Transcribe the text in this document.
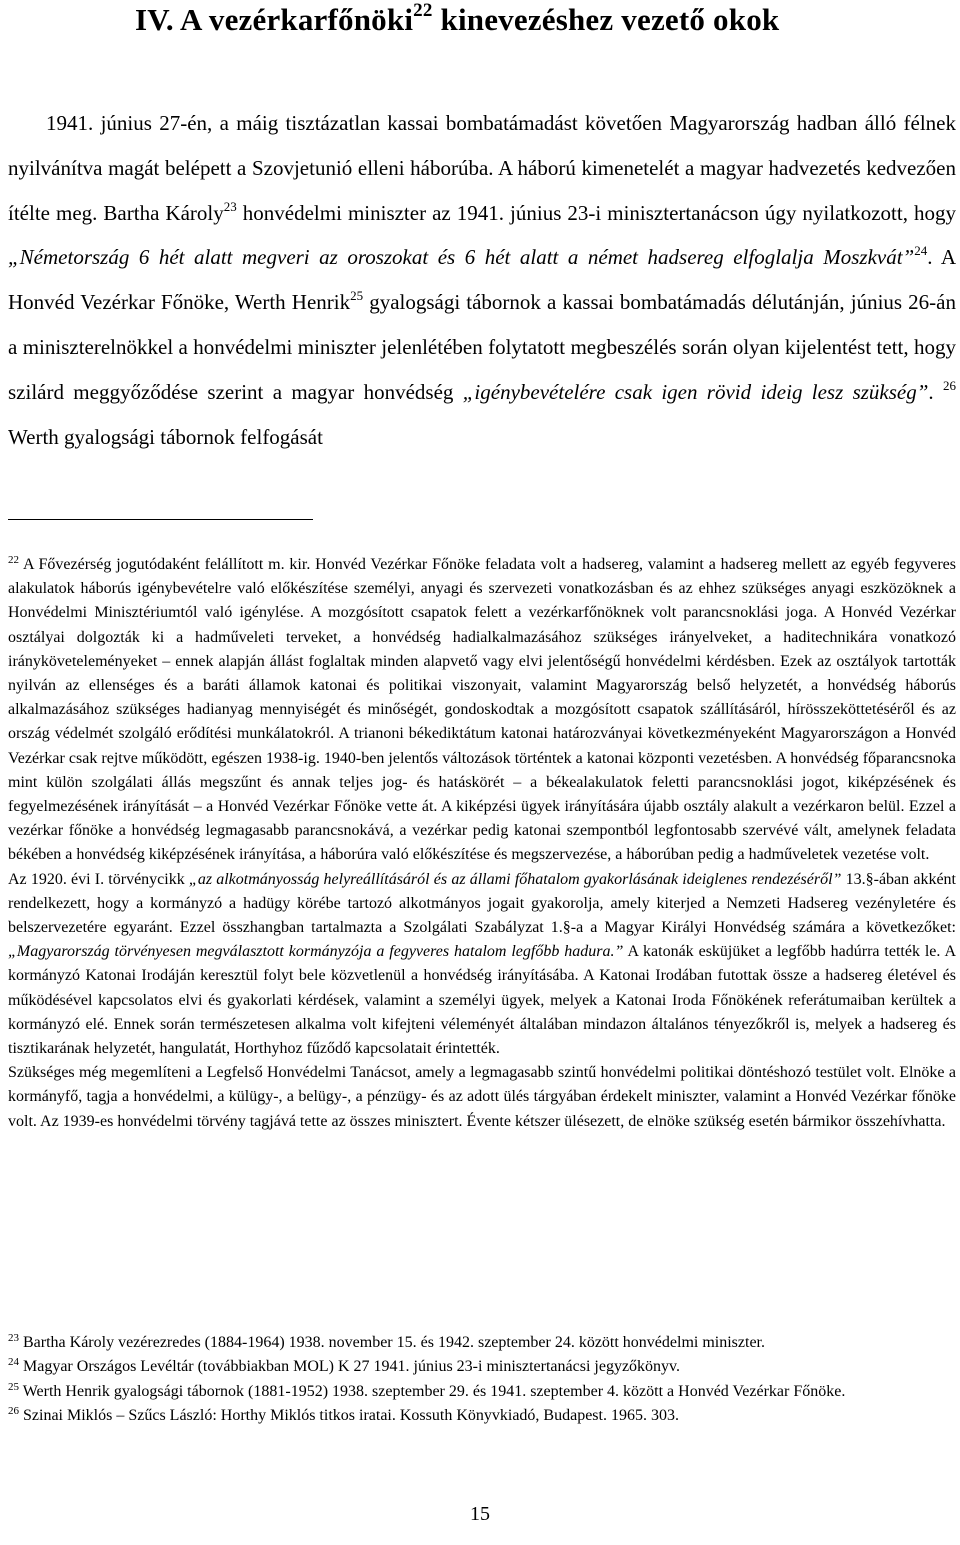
IV. A vezérkarfőnöki$^{22}$ kinevezéshez vezető okok

1941. június 27-én, a máig tisztázatlan kassai bombatámadást követően Magyarország hadban álló félnek nyilvánítva magát belépett a Szovjetunió elleni háborúba. A háború kimenetelét a magyar hadvezetés kedvezően ítélte meg. Bartha Károly$^{23}$ honvédelmi miniszter az 1941. június 23-i minisztertanácson úgy nyilatkozott, hogy „Németország 6 hét alatt megveri az oroszokat és 6 hét alatt a német hadsereg elfoglalja Moszkvát”$^{24}$. A Honvéd Vezérkar Főnöke, Werth Henrik$^{25}$ gyalogsági tábornok a kassai bombatámadás délutánján, június 26-án a miniszterelnökkel a honvédelmi miniszter jelenlétében folytatott megbeszélés során olyan kijelentést tett, hogy szilárd meggyőződése szerint a magyar honvédség „igénybevételére csak igen rövid ideig lesz szükség”. $^{26}$ Werth gyalogsági tábornok felfogását

$^{22}$ A Fővezérség jogutódaként felállított m. kir. Honvéd Vezérkar Főnöke feladata volt a hadsereg, valamint a hadsereg mellett az egyéb fegyveres alakulatok háborús igénybevételre való előkészítése személyi, anyagi és szervezeti vonatkozásban és az ehhez szükséges anyagi eszközöknek a Honvédelmi Minisztériumtól való igénylése. A mozgósított csapatok felett a vezérkarfőnöknek volt parancsnoklási joga. A Honvéd Vezérkar osztályai dolgozták ki a hadműveleti terveket, a honvédség hadialkalmazásához szükséges irányelveket, a haditechnikára vonatkozó irányköveteleményeket – ennek alapján állást foglaltak minden alapvető vagy elvi jelentőségű honvédelmi kérdésben. Ezek az osztályok tartották nyilván az ellenséges és a baráti államok katonai és politikai viszonyait, valamint Magyarország belső helyzetét, a honvédség háborús alkalmazásához szükséges hadianyag mennyiségét és minőségét, gondoskodtak a mozgósított csapatok szállításáról, hírösszeköttetéséről és az ország védelmét szolgáló erődítési munkálatokról. A trianoni békediktátum katonai határozványai következményeként Magyarországon a Honvéd Vezérkar csak rejtve működött, egészen 1938-ig. 1940-ben jelentős változások történtek a katonai központi vezetésben. A honvédség főparancsnoka mint külön szolgálati állás megszűnt és annak teljes jog- és hatáskörét – a békealakulatok feletti parancsnoklási jogot, kiképzésének és fegyelmezésének irányítását – a Honvéd Vezérkar Főnöke vette át. A kiképzési ügyek irányítására újabb osztály alakult a vezérkaron belül. Ezzel a vezérkar főnöke a honvédség legmagasabb parancsnokává, a vezérkar pedig katonai szempontból legfontosabb szervévé vált, amelynek feladata békében a honvédség kiképzésének irányítása, a háborúra való előkészítése és megszervezése, a háborúban pedig a hadműveletek vezetése volt.

Az 1920. évi I. törvénycikk „az alkotmányosság helyreállításáról és az állami főhatalom gyakorlásának ideiglenes rendezéséről” 13.§-ában akként rendelkezett, hogy a kormányzó a hadügy körébe tartozó alkotmányos jogait gyakorolja, amely kiterjed a Nemzeti Hadsereg vezényletére és belszervezetére egyaránt. Ezzel összhangban tartalmazta a Szolgálati Szabályzat 1.§-a a Magyar Királyi Honvédség számára a következőket: „Magyarország törvényesen megválasztott kormányzója a fegyveres hatalom legfőbb hadura.” A katonák esküjüket a legfőbb hadúrra tették le. A kormányzó Katonai Irodáján keresztül folyt bele közvetlenül a honvédség irányításába. A Katonai Irodában futottak össze a hadsereg életével és működésével kapcsolatos elvi és gyakorlati kérdések, valamint a személyi ügyek, melyek a Katonai Iroda Főnökének referátumaiban kerültek a kormányzó elé. Ennek során természetesen alkalma volt kifejteni véleményét általában mindazon általános tényezőkről is, melyek a hadsereg és tisztikarának helyzetét, hangulatát, Horthyhoz fűződő kapcsolatait érintették.

Szükséges még megemlíteni a Legfelső Honvédelmi Tanácsot, amely a legmagasabb szintű honvédelmi politikai döntéshozó testület volt. Elnöke a kormányfő, tagja a honvédelmi, a külügy-, a belügy-, a pénzügy- és az adott ülés tárgyában érdekelt miniszter, valamint a Honvéd Vezérkar főnöke volt. Az 1939-es honvédelmi törvény tagjává tette az összes minisztert. Évente kétszer ülésezett, de elnöke szükség esetén bármikor összehívhatta.

$^{23}$ Bartha Károly vezérezredes (1884-1964) 1938. november 15. és 1942. szeptember 24. között honvédelmi miniszter.

$^{24}$ Magyar Országos Levéltár (továbbiakban MOL) K 27 1941. június 23-i minisztertanácsi jegyzőkönyv.

$^{25}$ Werth Henrik gyalogsági tábornok (1881-1952) 1938. szeptember 29. és 1941. szeptember 4. között a Honvéd Vezérkar Főnöke.

$^{26}$ Szinai Miklós – Szűcs László: Horthy Miklós titkos iratai. Kossuth Könyvkiadó, Budapest. 1965. 303.

15
